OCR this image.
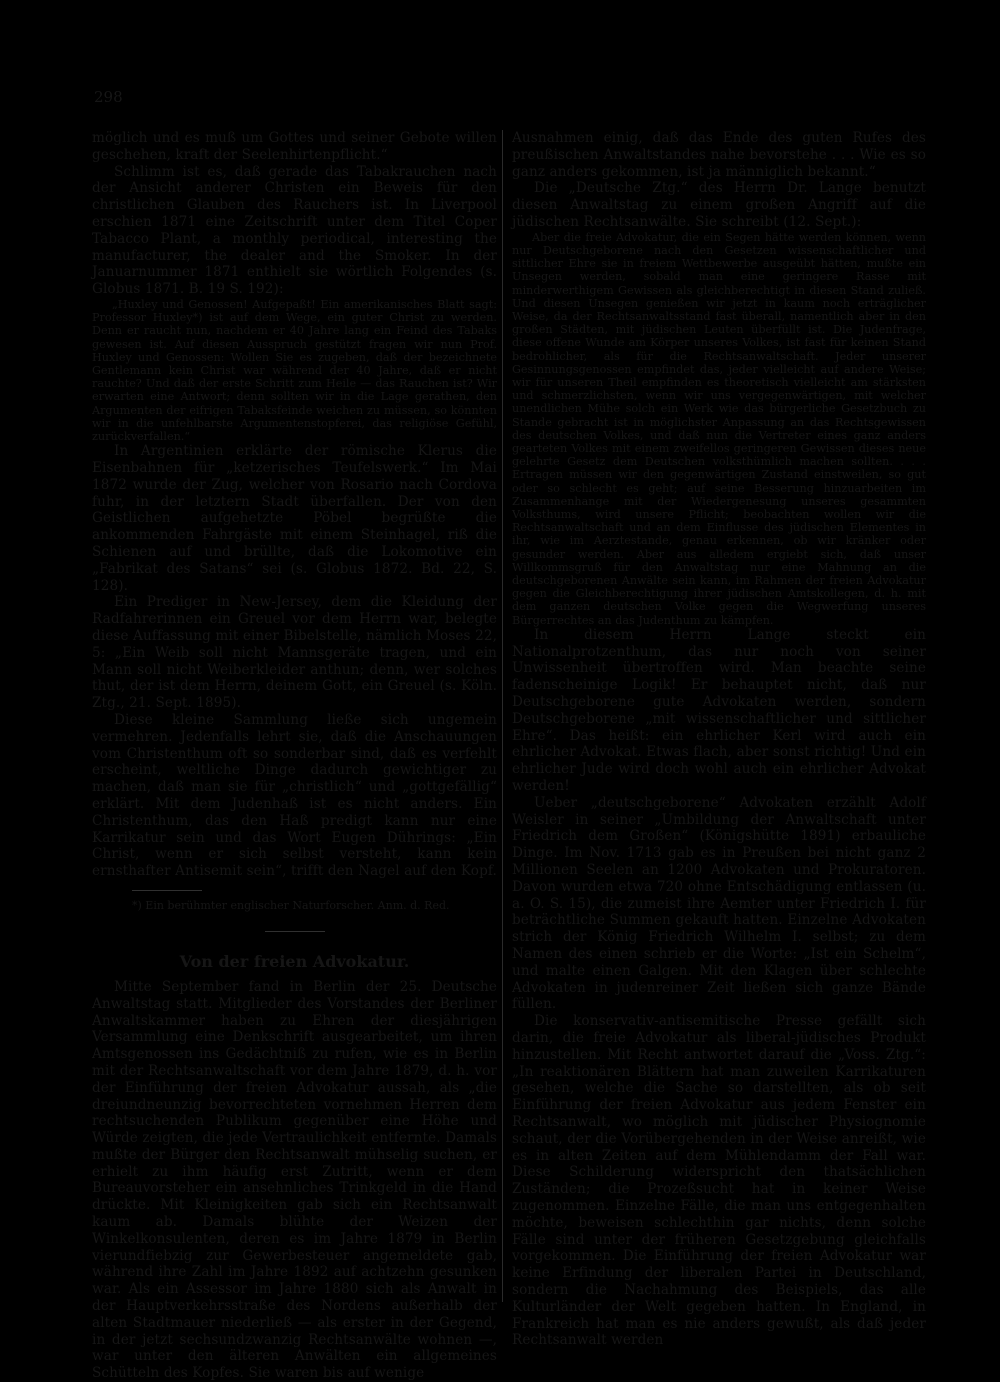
298

möglich und es muß um Gottes und seiner Gebote willen geschehen, kraft der Seelenhirtenpflicht.“

Schlimm ist es, daß gerade das Tabakrauchen nach der Ansicht anderer Christen ein Beweis für den christlichen Glauben des Rauchers ist. In Liverpool erschien 1871 eine Zeitschrift unter dem Titel Coper Tabacco Plant, a monthly periodical, interesting the manufacturer, the dealer and the Smoker. In der Januarnummer 1871 enthielt sie wörtlich Folgendes (s. Globus 1871. B. 19 S. 192):

„Huxley und Genossen! Aufgepaßt! Ein amerikanisches Blatt sagt: Professor Huxley*) ist auf dem Wege, ein guter Christ zu werden. Denn er raucht nun, nachdem er 40 Jahre lang ein Feind des Tabaks gewesen ist. Auf diesen Ausspruch gestützt fragen wir nun Prof. Huxley und Genossen: Wollen Sie es zugeben, daß der bezeichnete Gentlemann kein Christ war während der 40 Jahre, daß er nicht rauchte? Und daß der erste Schritt zum Heile — das Rauchen ist? Wir erwarten eine Antwort; denn sollten wir in die Lage gerathen, den Argumenten der eifrigen Tabaksfeinde weichen zu müssen, so könnten wir in die unfehlbarste Argumentenstopferei, das religiöse Gefühl, zurückverfallen.“

In Argentinien erklärte der römische Klerus die Eisenbahnen für „ketzerisches Teufelswerk.“ Im Mai 1872 wurde der Zug, welcher von Rosario nach Cordova fuhr, in der letztern Stadt überfallen. Der von den Geistlichen aufgehetzte Pöbel begrüßte die ankommenden Fahrgäste mit einem Steinhagel, riß die Schienen auf und brüllte, daß die Lokomotive ein „Fabrikat des Satans“ sei (s. Globus 1872. Bd. 22, S. 128).

Ein Prediger in New-Jersey, dem die Kleidung der Radfahrerinnen ein Greuel vor dem Herrn war, belegte diese Auffassung mit einer Bibelstelle, nämlich Moses 22, 5: „Ein Weib soll nicht Mannsgeräte tragen, und ein Mann soll nicht Weiberkleider anthun; denn, wer solches thut, der ist dem Herrn, deinem Gott, ein Greuel (s. Köln. Ztg., 21. Sept. 1895).

Diese kleine Sammlung ließe sich ungemein vermehren. Jedenfalls lehrt sie, daß die Anschauungen vom Christenthum oft so sonderbar sind, daß es verfehlt erscheint, weltliche Dinge dadurch gewichtiger zu machen, daß man sie für „christlich“ und „gottgefällig“ erklärt. Mit dem Judenhaß ist es nicht anders. Ein Christenthum, das den Haß predigt kann nur eine Karrikatur sein und das Wort Eugen Dührings: „Ein Christ, wenn er sich selbst versteht, kann kein ernsthafter Antisemit sein“, trifft den Nagel auf den Kopf.

*) Ein berühmter englischer Naturforscher. Anm. d. Red.

Von der freien Advokatur.

Mitte September fand in Berlin der 25. Deutsche Anwaltstag statt. Mitglieder des Vorstandes der Berliner Anwaltskammer haben zu Ehren der diesjährigen Versammlung eine Denkschrift ausgearbeitet, um ihren Amtsgenossen ins Gedächtniß zu rufen, wie es in Berlin mit der Rechtsanwaltschaft vor dem Jahre 1879, d. h. vor der Einführung der freien Advokatur aussah, als „die dreiundneunzig bevorrechteten vornehmen Herren dem rechtsuchenden Publikum gegenüber eine Höhe und Würde zeigten, die jede Vertraulichkeit entfernte. Damals mußte der Bürger den Rechtsanwalt mühselig suchen, er erhielt zu ihm häufig erst Zutritt, wenn er dem Bureauvorsteher ein ansehnliches Trinkgeld in die Hand drückte. Mit Kleinigkeiten gab sich ein Rechtsanwalt kaum ab. Damals blühte der Weizen der Winkelkonsulenten, deren es im Jahre 1879 in Berlin vierundfiebzig zur Gewerbesteuer angemeldete gab, während ihre Zahl im Jahre 1892 auf achtzehn gesunken war. Als ein Assessor im Jahre 1880 sich als Anwalt in der Hauptverkehrsstraße des Nordens außerhalb der alten Stadtmauer niederließ — als erster in der Gegend, in der jetzt sechsundzwanzig Rechtsanwälte wohnen —, war unter den älteren Anwälten ein allgemeines Schütteln des Kopfes. Sie waren bis auf wenige

Ausnahmen einig, daß das Ende des guten Rufes des preußischen Anwaltstandes nahe bevorstehe . . . Wie es so ganz anders gekommen, ist ja männiglich bekannt.“

Die „Deutsche Ztg.“ des Herrn Dr. Lange benutzt diesen Anwaltstag zu einem großen Angriff auf die jüdischen Rechtsanwälte. Sie schreibt (12. Sept.):

Aber die freie Advokatur, die ein Segen hätte werden können, wenn nur Deutschgeborene nach den Gesetzen wissenschaftlicher und sittlicher Ehre sie in freiem Wettbewerbe ausgeübt hätten, mußte ein Unsegen werden, sobald man eine geringere Rasse mit minderwerthigem Gewissen als gleichberechtigt in diesen Stand zuließ. Und diesen Unsegen genießen wir jetzt in kaum noch erträglicher Weise, da der Rechtsanwaltsstand fast überall, namentlich aber in den großen Städten, mit jüdischen Leuten überfüllt ist. Die Judenfrage, diese offene Wunde am Körper unseres Volkes, ist fast für keinen Stand bedrohlicher, als für die Rechtsanwaltschaft. Jeder unserer Gesinnungsgenossen empfindet das, jeder vielleicht auf andere Weise; wir für unseren Theil empfinden es theoretisch vielleicht am stärksten und schmerzlichsten, wenn wir uns vergegenwärtigen, mit welcher unendlichen Mühe solch ein Werk wie das bürgerliche Gesetzbuch zu Stande gebracht ist in möglichster Anpassung an das Rechtsgewissen des deutschen Volkes, und daß nun die Vertreter eines ganz anders gearteten Volkes mit einem zweifellos geringeren Gewissen dieses neue gelehrte Gesetz dem Deutschen volksthümlich machen sollten. . . . Ertragen müssen wir den gegenwärtigen Zustand einstweilen, so gut oder so schlecht es geht; auf seine Besserung hinzuarbeiten im Zusammenhange mit der Wiedergenesung unseres gesammten Volksthums, wird unsere Pflicht; beobachten wollen wir die Rechtsanwaltschaft und an dem Einflusse des jüdischen Elementes in ihr, wie im Aerztestande, genau erkennen, ob wir kränker oder gesunder werden. Aber aus alledem ergiebt sich, daß unser Willkommsgruß für den Anwaltstag nur eine Mahnung an die deutschgeborenen Anwälte sein kann, im Rahmen der freien Advokatur gegen die Gleichberechtigung ihrer jüdischen Amtskollegen, d. h. mit dem ganzen deutschen Volke gegen die Wegwerfung unseres Bürgerrechtes an das Judenthum zu kämpfen.

In diesem Herrn Lange steckt ein Nationalprotzenthum, das nur noch von seiner Unwissenheit übertroffen wird. Man beachte seine fadenscheinige Logik! Er behauptet nicht, daß nur Deutschgeborene gute Advokaten werden, sondern Deutschgeborene „mit wissenschaftlicher und sittlicher Ehre“. Das heißt: ein ehrlicher Kerl wird auch ein ehrlicher Advokat. Etwas flach, aber sonst richtig! Und ein ehrlicher Jude wird doch wohl auch ein ehrlicher Advokat werden!

Ueber „deutschgeborene“ Advokaten erzählt Adolf Weisler in seiner „Umbildung der Anwaltschaft unter Friedrich dem Großen“ (Königshütte 1891) erbauliche Dinge. Im Nov. 1713 gab es in Preußen bei nicht ganz 2 Millionen Seelen an 1200 Advokaten und Prokuratoren. Davon wurden etwa 720 ohne Entschädigung entlassen (u. a. O. S. 15), die zumeist ihre Aemter unter Friedrich I. für beträchtliche Summen gekauft hatten. Einzelne Advokaten strich der König Friedrich Wilhelm I. selbst; zu dem Namen des einen schrieb er die Worte: „Ist ein Schelm“, und malte einen Galgen. Mit den Klagen über schlechte Advokaten in judenreiner Zeit ließen sich ganze Bände füllen.

Die konservativ-antisemitische Presse gefällt sich darin, die freie Advokatur als liberal-jüdisches Produkt hinzustellen. Mit Recht antwortet darauf die „Voss. Ztg.“: „In reaktionären Blättern hat man zuweilen Karrikaturen gesehen, welche die Sache so darstellten, als ob seit Einführung der freien Advokatur aus jedem Fenster ein Rechtsanwalt, wo möglich mit jüdischer Physiognomie schaut, der die Vorübergehenden in der Weise anreißt, wie es in alten Zeiten auf dem Mühlendamm der Fall war. Diese Schilderung widerspricht den thatsächlichen Zuständen; die Prozeßsucht hat in keiner Weise zugenommen. Einzelne Fälle, die man uns entgegenhalten möchte, beweisen schlechthin gar nichts, denn solche Fälle sind unter der früheren Gesetzgebung gleichfalls vorgekommen. Die Einführung der freien Advokatur war keine Erfindung der liberalen Partei in Deutschland, sondern die Nachahmung des Beispiels, das alle Kulturländer der Welt gegeben hatten. In England, in Frankreich hat man es nie anders gewußt, als daß jeder Rechtsanwalt werden
